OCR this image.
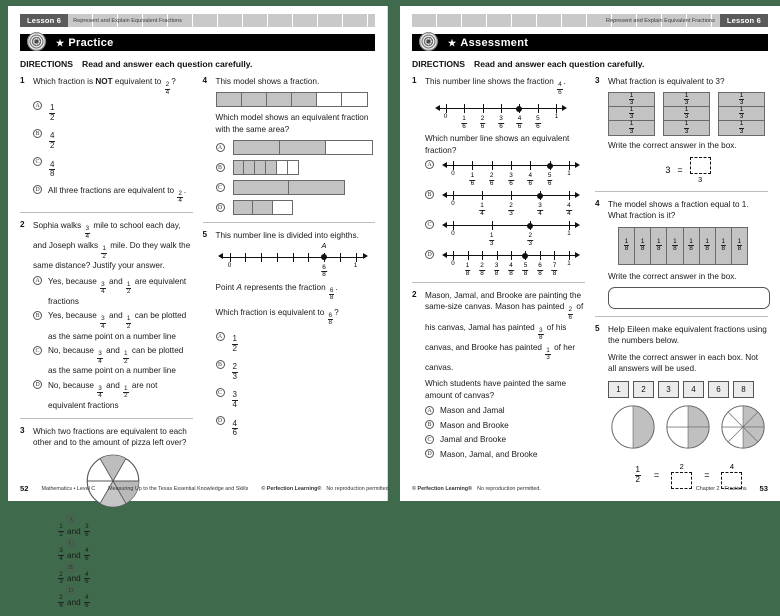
Lesson 6	Represent and Explain Equivalent Fractions
★ Practice
DIRECTIONS Read and answer each question carefully.
1 Which fraction is NOT equivalent to
$\frac{2}{4}$
?
A $\frac{1}{2}$
B	$\frac{4}{2}$
C	$\frac{4}{8}$
D All three fractions are equivalent to
$\frac{2}{4}$
.
2 Sophia walks
$\frac{3}{4}$
mile to school each day, and Joseph walks
$\frac{1}{2}$
mile. Do they walk the same distance? Justify your answer.
A Yes, because
$\frac{3}{4}$
and
$\frac{1}{2}$
are equivalent fractions
B	Yes, because
$\frac{3}{4}$
and
$\frac{1}{2}$
can be plotted as the same point on a number line
C	No, because
$\frac{3}{4}$
and
$\frac{1}{2}$
can be plotted as the same point on a number line
D No, because
$\frac{3}{4}$
and
$\frac{1}{2}$
are not equivalent fractions
3 Which two fractions are equivalent to each other and to the amount of pizza left over?
A
1
2
and

3
6
C
3
4
and

4
6
B
2
3
and

4
6
D
2
6
and

4
6
4 This model shows a fraction.
Which model shows an equivalent fraction with the same area?
A
B
C
D
5 This number line is divided into eighths.
A
0	$\frac{6}{8}$	1
Point A represents the fraction
$\frac{6}{8}$
.
Which fraction is equivalent to
$\frac{6}{8}$
?
A $\frac{1}{2}$
B	$\frac{2}{3}$
C	$\frac{3}{4}$
D $\frac{4}{6}$
52 Mathematics • Level C Measuring Up to the Texas Essential Knowledge and Skills © Perfection Learning® No reproduction permitted.
Represent and Explain Equivalent Fractions	Lesson 6
★ Assessment
DIRECTIONS Read and answer each question carefully.
1 This number line shows the fraction
$\frac{4}{6}$
.
$0 \frac{1}{6} \frac{2}{6} \frac{3}{6} \frac{4}{6} \frac{5}{6} 1$
Which number line shows an equivalent fraction?
A
$0 \frac{1}{6} \frac{2}{6} \frac{3}{6} \frac{4}{6} \frac{5}{6} 1$
B
0	$\frac{1}{4}$	$\frac{2}{3}$	$\frac{3}{4}$	$\frac{4}{4}$
C
0	$\frac{1}{3}$	$\frac{2}{3}$	1
D
$0 \frac{1}{8} \frac{2}{8} \frac{3}{8} \frac{4}{8} \frac{5}{8} \frac{6}{8} \frac{7}{8} 1$
2 Mason, Jamal, and Brooke are painting the same-size canvas. Mason has painted
$\frac{2}{6}$
of his canvas, Jamal has painted
$\frac{3}{8}$
of his canvas, and Brooke has painted
$\frac{1}{3}$
of her canvas.
Which students have painted the same amount of canvas?
A Mason and Jamal
B	Mason and Brooke
C	Jamal and Brooke
D Mason, Jamal, and Brooke
3 What fraction is equivalent to 3?
1
3
1
3
1
3
1
3
1
3
1
3
1
3
1
3
1
3
Write the correct answer in the box.
3 =
3
4 The model shows a fraction equal to 1. What fraction is it?
1
8
1
8
1
8
1
8
1
8
1
8
1
8
1
8
Write the correct answer in the box.
5 Help Eileen make equivalent fractions using the numbers below.
Write the correct answer in each box. Not all answers will be used.
1	2	3	4	6	8
$\frac{1}{2}$ =
2
=
4
© Perfection Learning® No reproduction permitted.	Chapter 2 • Fractions 53
